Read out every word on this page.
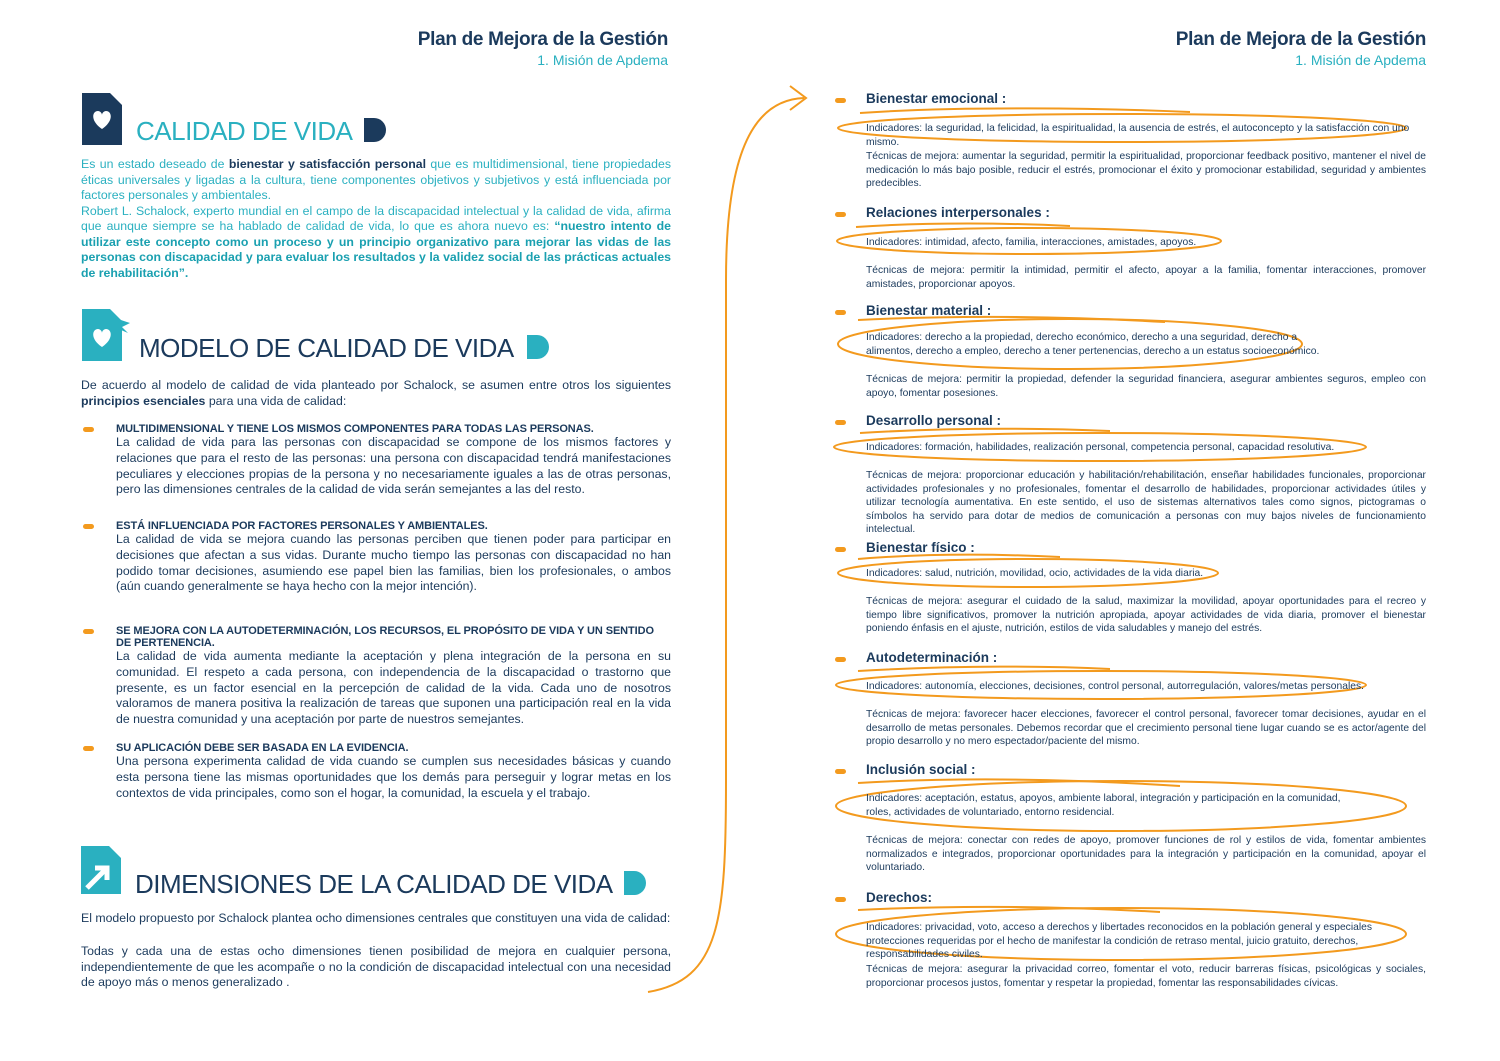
Plan de Mejora de la Gestión
1. Misión de Apdema
CALIDAD DE VIDA

Es un estado deseado de bienestar y satisfacción personal que es multidimensional, tiene propiedades éticas universales y ligadas a la cultura, tiene componentes objetivos y subjetivos y está influenciada por factores personales y ambientales.

Robert L. Schalock, experto mundial en el campo de la discapacidad intelectual y la calidad de vida, afirma que aunque siempre se ha hablado de calidad de vida, lo que es ahora nuevo es: “nuestro intento de utilizar este concepto como un proceso y un principio organizativo para mejorar las vidas de las personas con discapacidad y para evaluar los resultados y la validez social de las prácticas actuales de rehabilitación”.

MODELO DE CALIDAD DE VIDA

De acuerdo al modelo de calidad de vida planteado por Schalock, se asumen entre otros los siguientes principios esenciales para una vida de calidad:

MULTIDIMENSIONAL Y TIENE LOS MISMOS COMPONENTES PARA TODAS LAS PERSONAS.

La calidad de vida para las personas con discapacidad se compone de los mismos factores y relaciones que para el resto de las personas: una persona con discapacidad tendrá manifestaciones peculiares y elecciones propias de la persona y no necesariamente iguales a las de otras personas, pero las dimensiones centrales de la calidad de vida serán semejantes a las del resto.

ESTÁ INFLUENCIADA POR FACTORES PERSONALES Y AMBIENTALES.

La calidad de vida se mejora cuando las personas perciben que tienen poder para participar en decisiones que afectan a sus vidas. Durante mucho tiempo las personas con discapacidad no han podido tomar decisiones, asumiendo ese papel bien las familias, bien los profesionales, o ambos (aún cuando generalmente se haya hecho con la mejor intención).

SE MEJORA CON LA AUTODETERMINACIÓN, LOS RECURSOS, EL PROPÓSITO DE VIDA Y UN SENTIDO DE PERTENENCIA.

La calidad de vida aumenta mediante la aceptación y plena integración de la persona en su comunidad. El respeto a cada persona, con independencia de la discapacidad o trastorno que presente, es un factor esencial en la percepción de calidad de la vida. Cada uno de nosotros valoramos de manera positiva la realización de tareas que suponen una participación real en la vida de nuestra comunidad y una aceptación por parte de nuestros semejantes.

SU APLICACIÓN DEBE SER BASADA EN LA EVIDENCIA.

Una persona experimenta calidad de vida cuando se cumplen sus necesidades básicas y cuando esta persona tiene las mismas oportunidades que los demás para perseguir y lograr metas en los contextos de vida principales, como son el hogar, la comunidad, la escuela y el trabajo.

DIMENSIONES DE LA CALIDAD DE VIDA

El modelo propuesto por Schalock plantea ocho dimensiones centrales que constituyen una vida de calidad:

Todas y cada una de estas ocho dimensiones tienen posibilidad de mejora en cualquier persona, independientemente de que les acompañe o no la condición de discapacidad intelectual con una necesidad de apoyo más o menos generalizado .

Plan de Mejora de la Gestión
1. Misión de Apdema
Bienestar emocional :
Indicadores: la seguridad, la felicidad, la espiritualidad, la ausencia de estrés, el autoconcepto y la satisfacción con uno mismo.

Técnicas de mejora: aumentar la seguridad, permitir la espiritualidad, proporcionar feedback positivo, mantener el nivel de medicación lo más bajo posible, reducir el estrés, promocionar el éxito y promocionar estabilidad, seguridad y ambientes predecibles.

Relaciones interpersonales :
Indicadores: intimidad, afecto, familia, interacciones, amistades, apoyos.

Técnicas de mejora: permitir la intimidad, permitir el afecto, apoyar a la familia, fomentar interacciones, promover amistades, proporcionar apoyos.

Bienestar material :
Indicadores: derecho a la propiedad, derecho económico, derecho a una seguridad, derecho a alimentos, derecho a empleo, derecho a tener pertenencias, derecho a un estatus socioeconómico.

Técnicas de mejora: permitir la propiedad, defender la seguridad financiera, asegurar ambientes seguros, empleo con apoyo, fomentar posesiones.

Desarrollo personal :
Indicadores: formación, habilidades, realización personal, competencia personal, capacidad resolutiva.

Técnicas de mejora: proporcionar educación y habilitación/rehabilitación, enseñar habilidades funcionales, proporcionar actividades profesionales y no profesionales, fomentar el desarrollo de habilidades, proporcionar actividades útiles y utilizar tecnología aumentativa. En este sentido, el uso de sistemas alternativos tales como signos, pictogramas o símbolos ha servido para dotar de medios de comunicación a personas con muy bajos niveles de funcionamiento intelectual.

Bienestar físico :
Indicadores: salud, nutrición, movilidad, ocio, actividades de la vida diaria.

Técnicas de mejora: asegurar el cuidado de la salud, maximizar la movilidad, apoyar oportunidades para el recreo y tiempo libre significativos, promover la nutrición apropiada, apoyar actividades de vida diaria, promover el bienestar poniendo énfasis en el ajuste, nutrición, estilos de vida saludables y manejo del estrés.

Autodeterminación :
Indicadores: autonomía, elecciones, decisiones, control personal, autorregulación, valores/metas personales.

Técnicas de mejora: favorecer hacer elecciones, favorecer el control personal, favorecer tomar decisiones, ayudar en el desarrollo de metas personales. Debemos recordar que el crecimiento personal tiene lugar cuando se es actor/agente del propio desarrollo y no mero espectador/paciente del mismo.

Inclusión social :
Indicadores: aceptación, estatus, apoyos, ambiente laboral, integración y participación en la comunidad, roles, actividades de voluntariado, entorno residencial.

Técnicas de mejora: conectar con redes de apoyo, promover funciones de rol y estilos de vida, fomentar ambientes normalizados e integrados, proporcionar oportunidades para la integración y participación en la comunidad, apoyar el voluntariado.

Derechos:
Indicadores: privacidad, voto, acceso a derechos y libertades reconocidos en la población general y especiales protecciones requeridas por el hecho de manifestar la condición de retraso mental, juicio gratuito, derechos, responsabilidades civiles.

Técnicas de mejora: asegurar la privacidad correo, fomentar el voto, reducir barreras físicas, psicológicas y sociales, proporcionar procesos justos, fomentar y respetar la propiedad, fomentar las responsabilidades cívicas.
